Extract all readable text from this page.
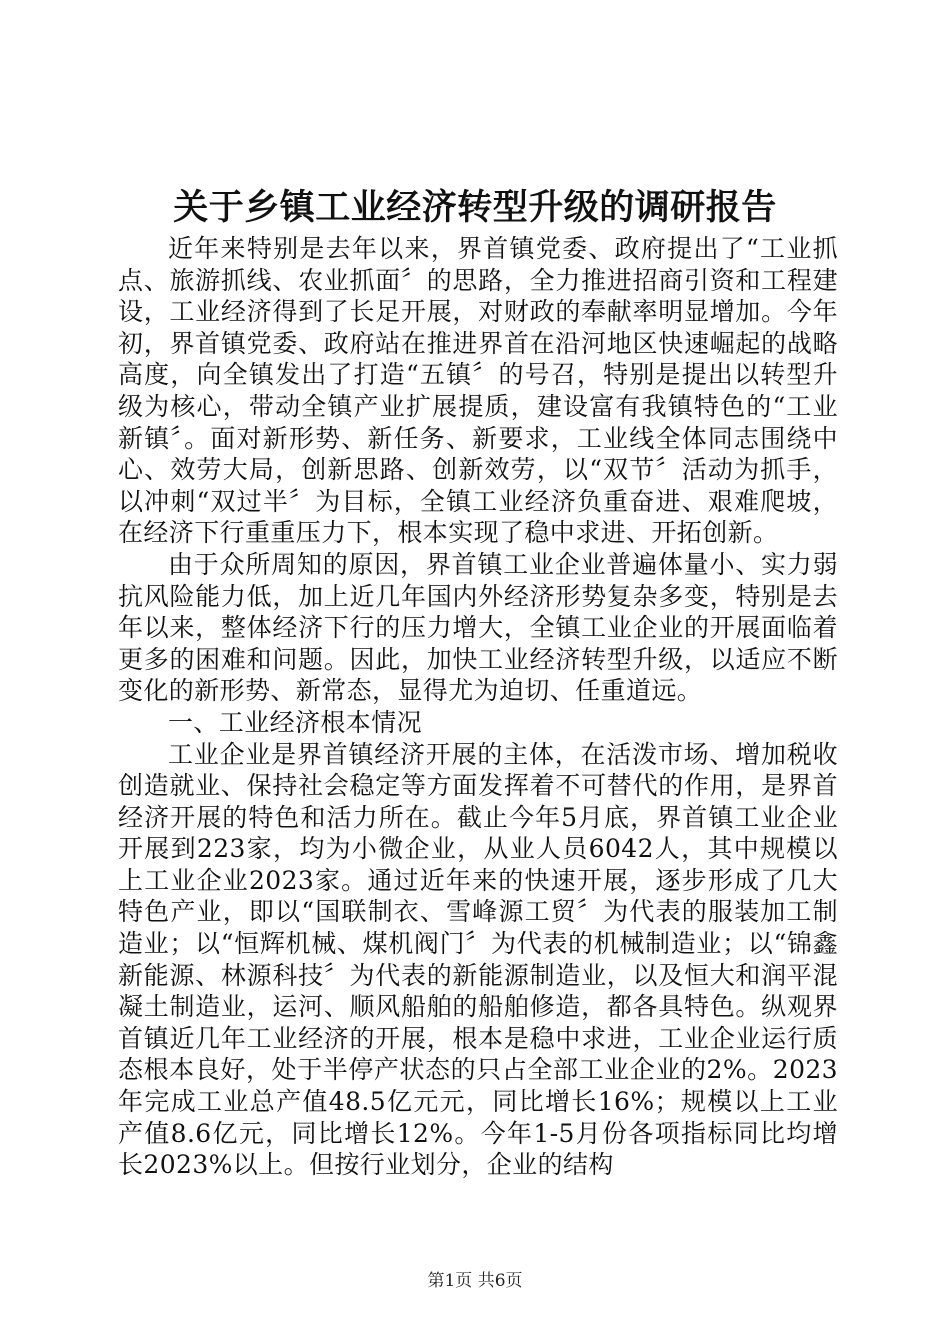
关于乡镇工业经济转型升级的调研报告

近年来特别是去年以来，界首镇党委、政府提出了“工业抓点、旅游抓线、农业抓面〞的思路，全力推进招商引资和工程建设，工业经济得到了长足开展，对财政的奉献率明显增加。今年初，界首镇党委、政府站在推进界首在沿河地区快速崛起的战略高度，向全镇发出了打造“五镇〞的号召，特别是提出以转型升级为核心，带动全镇产业扩展提质，建设富有我镇特色的“工业新镇〞。面对新形势、新任务、新要求，工业线全体同志围绕中心、效劳大局，创新思路、创新效劳，以“双节〞活动为抓手，以冲刺“双过半〞为目标，全镇工业经济负重奋进、艰难爬坡，在经济下行重重压力下，根本实现了稳中求进、开拓创新。

由于众所周知的原因，界首镇工业企业普遍体量小、实力弱抗风险能力低，加上近几年国内外经济形势复杂多变，特别是去年以来，整体经济下行的压力增大，全镇工业企业的开展面临着更多的困难和问题。因此，加快工业经济转型升级，以适应不断变化的新形势、新常态，显得尤为迫切、任重道远。

一、工业经济根本情况

工业企业是界首镇经济开展的主体，在活泼市场、增加税收创造就业、保持社会稳定等方面发挥着不可替代的作用，是界首经济开展的特色和活力所在。截止今年5月底，界首镇工业企业开展到223家，均为小微企业，从业人员6042人，其中规模以上工业企业2023家。通过近年来的快速开展，逐步形成了几大特色产业，即以“国联制衣、雪峰源工贸〞为代表的服装加工制造业；以“恒辉机械、煤机阀门〞为代表的机械制造业；以“锦鑫新能源、林源科技〞为代表的新能源制造业，以及恒大和润平混凝土制造业，运河、顺风船舶的船舶修造，都各具特色。纵观界首镇近几年工业经济的开展，根本是稳中求进，工业企业运行质态根本良好，处于半停产状态的只占全部工业企业的2%。2023年完成工业总产值48.5亿元元，同比增长16%；规模以上工业产值8.6亿元，同比增长12%。今年1-5月份各项指标同比均增长2023%以上。但按行业划分，企业的结构

第1页 共6页
